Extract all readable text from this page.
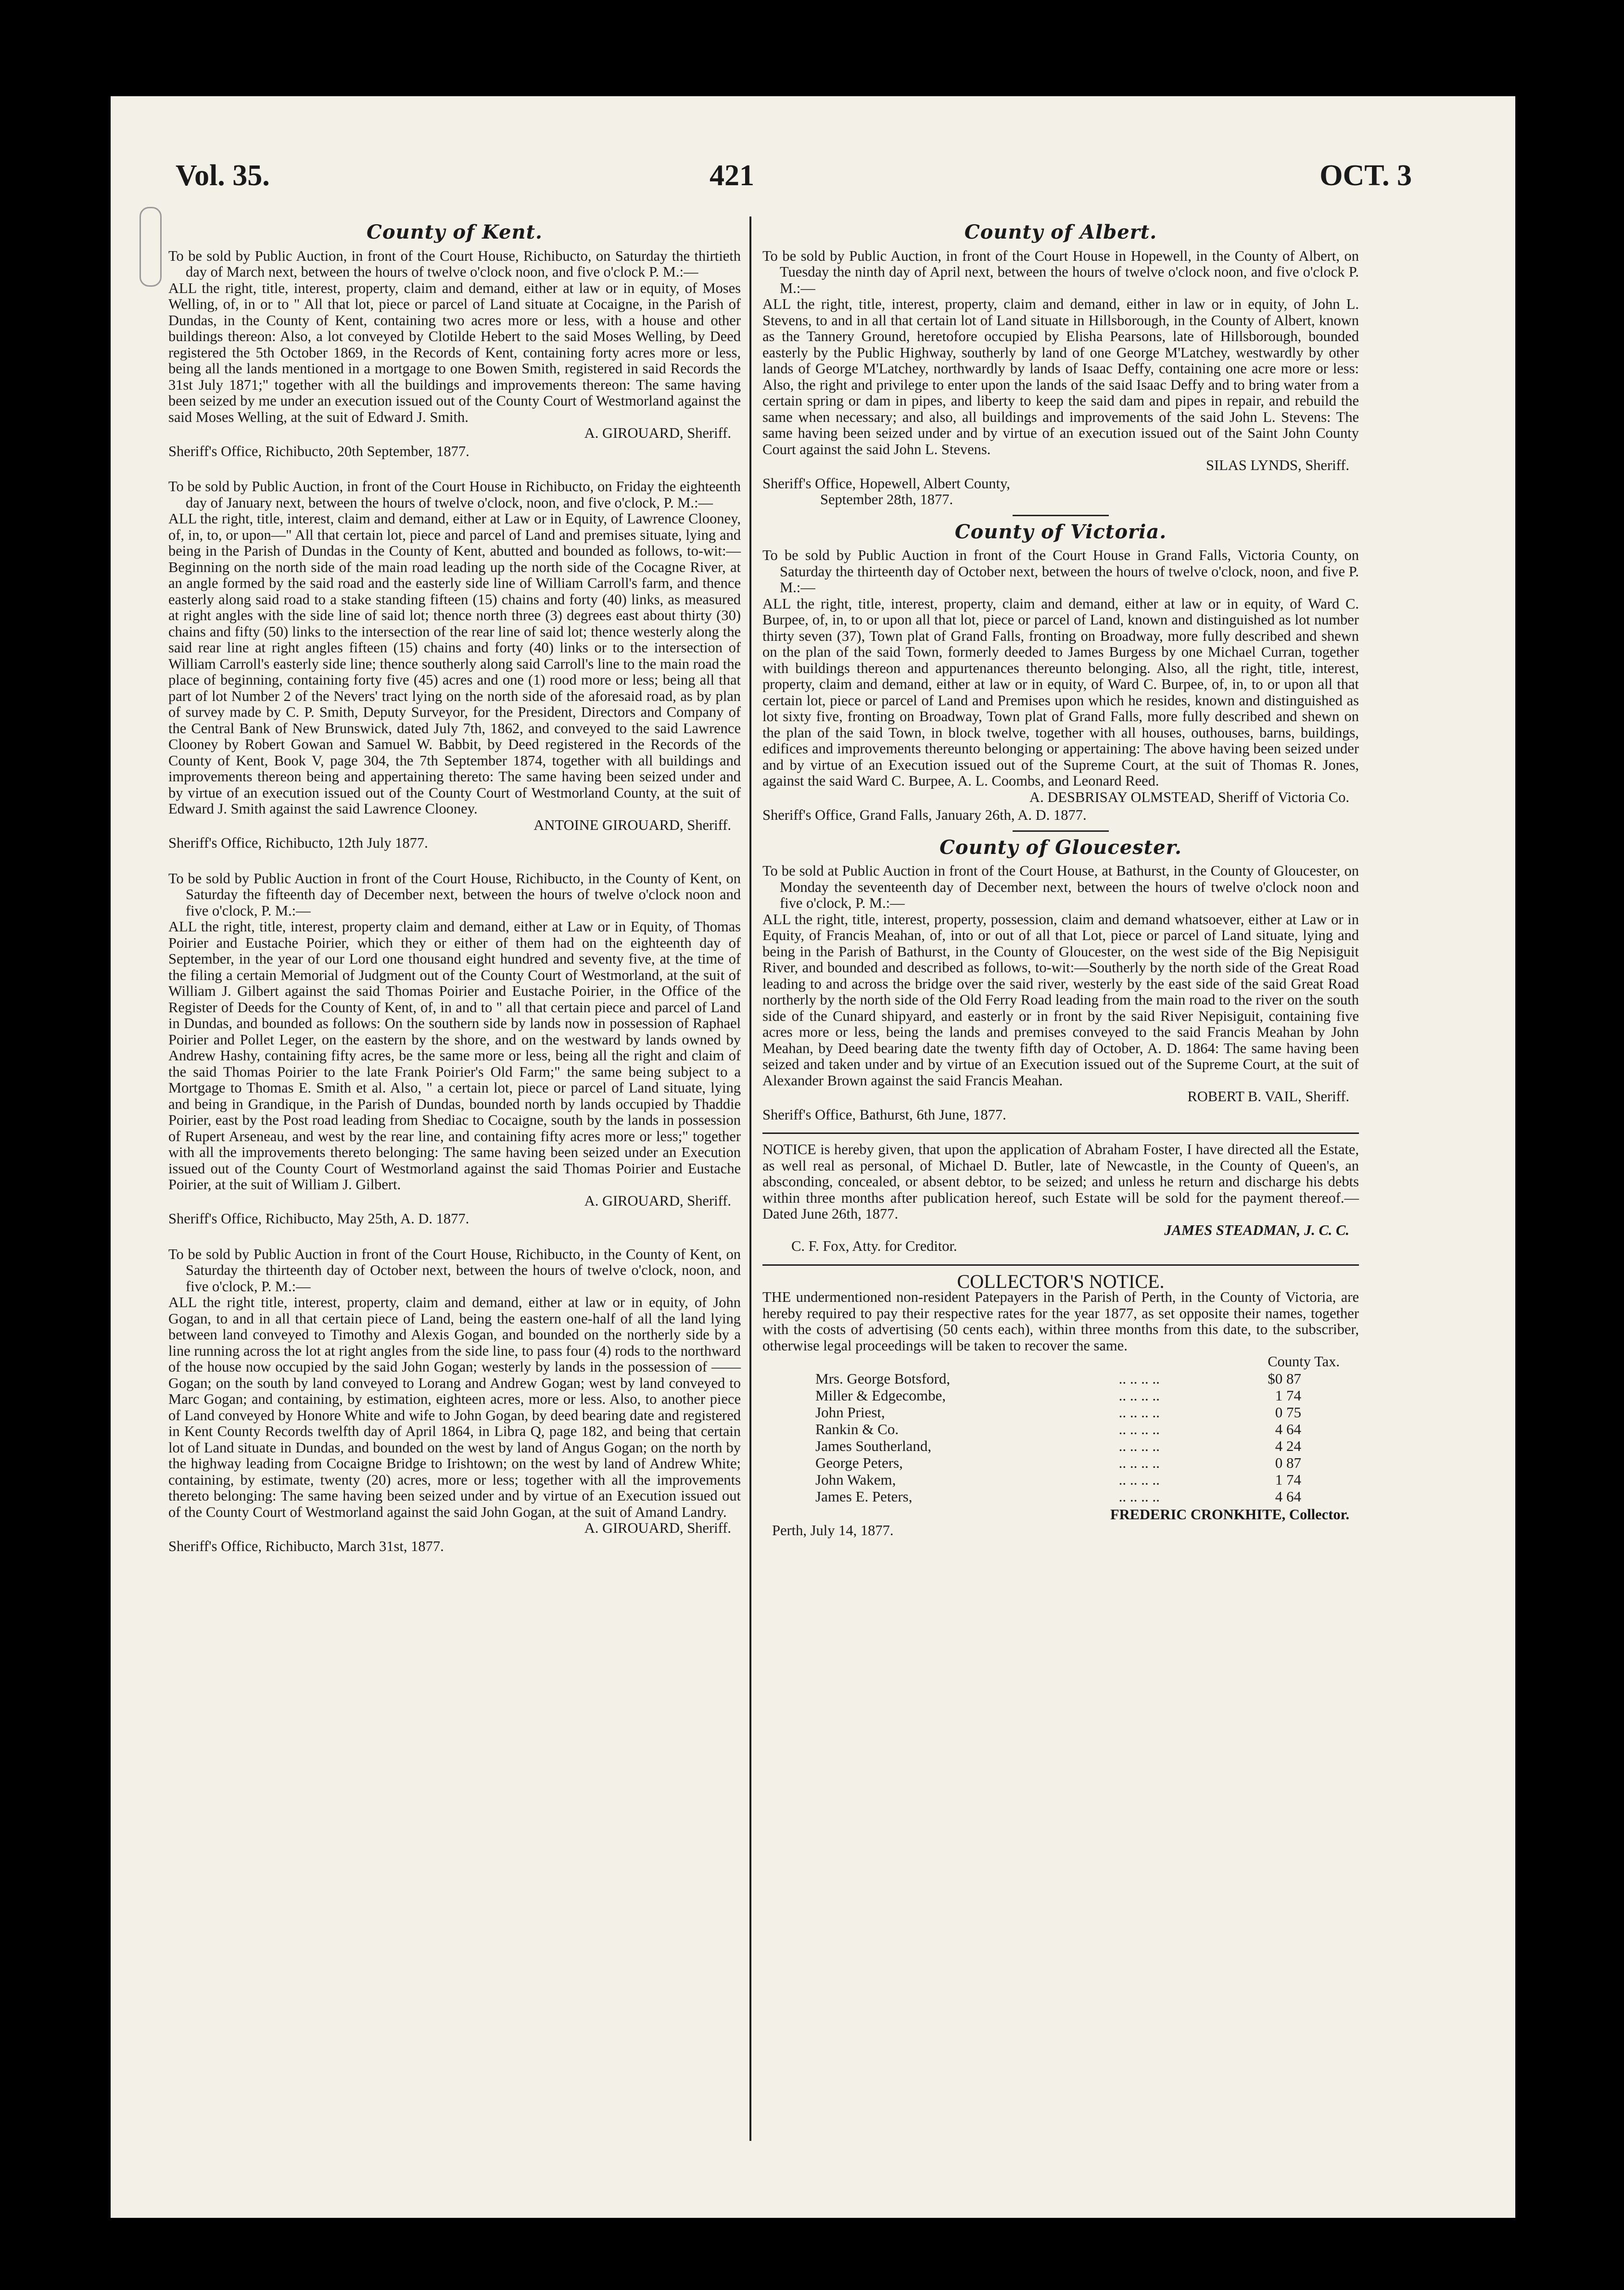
Vol. 35.	421	OCT. 3
County of Kent.

To be sold by Public Auction, in front of the Court House, Richibucto, on Saturday the thirtieth day of March next, between the hours of twelve o'clock noon, and five o'clock P. M.:—

ALL the right, title, interest, property, claim and demand, either at law or in equity, of Moses Welling, of, in or to " All that lot, piece or parcel of Land situate at Cocaigne, in the Parish of Dundas, in the County of Kent, containing two acres more or less, with a house and other buildings thereon: Also, a lot conveyed by Clotilde Hebert to the said Moses Welling, by Deed registered the 5th October 1869, in the Records of Kent, containing forty acres more or less, being all the lands mentioned in a mortgage to one Bowen Smith, registered in said Records the 31st July 1871;" together with all the buildings and improvements thereon: The same having been seized by me under an execution issued out of the County Court of Westmorland against the said Moses Welling, at the suit of Edward J. Smith.

A. GIROUARD, Sheriff.

Sheriff's Office, Richibucto, 20th September, 1877.

To be sold by Public Auction, in front of the Court House in Richibucto, on Friday the eighteenth day of January next, between the hours of twelve o'clock, noon, and five o'clock, P. M.:—

ALL the right, title, interest, claim and demand, either at Law or in Equity, of Lawrence Clooney, of, in, to, or upon—" All that certain lot, piece and parcel of Land and premises situate, lying and being in the Parish of Dundas in the County of Kent, abutted and bounded as follows, to-wit:—Beginning on the north side of the main road leading up the north side of the Cocagne River, at an angle formed by the said road and the easterly side line of William Carroll's farm, and thence easterly along said road to a stake standing fifteen (15) chains and forty (40) links, as measured at right angles with the side line of said lot; thence north three (3) degrees east about thirty (30) chains and fifty (50) links to the intersection of the rear line of said lot; thence westerly along the said rear line at right angles fifteen (15) chains and forty (40) links or to the intersection of William Carroll's easterly side line; thence southerly along said Carroll's line to the main road the place of beginning, containing forty five (45) acres and one (1) rood more or less; being all that part of lot Number 2 of the Nevers' tract lying on the north side of the aforesaid road, as by plan of survey made by C. P. Smith, Deputy Surveyor, for the President, Directors and Company of the Central Bank of New Brunswick, dated July 7th, 1862, and conveyed to the said Lawrence Clooney by Robert Gowan and Samuel W. Babbit, by Deed registered in the Records of the County of Kent, Book V, page 304, the 7th September 1874, together with all buildings and improvements thereon being and appertaining thereto: The same having been seized under and by virtue of an execution issued out of the County Court of Westmorland County, at the suit of Edward J. Smith against the said Lawrence Clooney.

ANTOINE GIROUARD, Sheriff.

Sheriff's Office, Richibucto, 12th July 1877.

To be sold by Public Auction in front of the Court House, Richibucto, in the County of Kent, on Saturday the fifteenth day of December next, between the hours of twelve o'clock noon and five o'clock, P. M.:—

ALL the right, title, interest, property claim and demand, either at Law or in Equity, of Thomas Poirier and Eustache Poirier, which they or either of them had on the eighteenth day of September, in the year of our Lord one thousand eight hundred and seventy five, at the time of the filing a certain Memorial of Judgment out of the County Court of Westmorland, at the suit of William J. Gilbert against the said Thomas Poirier and Eustache Poirier, in the Office of the Register of Deeds for the County of Kent, of, in and to " all that certain piece and parcel of Land in Dundas, and bounded as follows: On the southern side by lands now in possession of Raphael Poirier and Pollet Leger, on the eastern by the shore, and on the westward by lands owned by Andrew Hashy, containing fifty acres, be the same more or less, being all the right and claim of the said Thomas Poirier to the late Frank Poirier's Old Farm;" the same being subject to a Mortgage to Thomas E. Smith et al. Also, " a certain lot, piece or parcel of Land situate, lying and being in Grandique, in the Parish of Dundas, bounded north by lands occupied by Thaddie Poirier, east by the Post road leading from Shediac to Cocaigne, south by the lands in possession of Rupert Arseneau, and west by the rear line, and containing fifty acres more or less;" together with all the improvements thereto belonging: The same having been seized under an Execution issued out of the County Court of Westmorland against the said Thomas Poirier and Eustache Poirier, at the suit of William J. Gilbert.

A. GIROUARD, Sheriff.

Sheriff's Office, Richibucto, May 25th, A. D. 1877.

To be sold by Public Auction in front of the Court House, Richibucto, in the County of Kent, on Saturday the thirteenth day of October next, between the hours of twelve o'clock, noon, and five o'clock, P. M.:—

ALL the right title, interest, property, claim and demand, either at law or in equity, of John Gogan, to and in all that certain piece of Land, being the eastern one-half of all the land lying between land conveyed to Timothy and Alexis Gogan, and bounded on the northerly side by a line running across the lot at right angles from the side line, to pass four (4) rods to the northward of the house now occupied by the said John Gogan; westerly by lands in the possession of —— Gogan; on the south by land conveyed to Lorang and Andrew Gogan; west by land conveyed to Marc Gogan; and containing, by estimation, eighteen acres, more or less. Also, to another piece of Land conveyed by Honore White and wife to John Gogan, by deed bearing date and registered in Kent County Records twelfth day of April 1864, in Libra Q, page 182, and being that certain lot of Land situate in Dundas, and bounded on the west by land of Angus Gogan; on the north by the highway leading from Cocaigne Bridge to Irishtown; on the west by land of Andrew White; containing, by estimate, twenty (20) acres, more or less; together with all the improvements thereto belonging: The same having been seized under and by virtue of an Execution issued out of the County Court of Westmorland against the said John Gogan, at the suit of Amand Landry.

A. GIROUARD, Sheriff.

Sheriff's Office, Richibucto, March 31st, 1877.

County of Albert.

To be sold by Public Auction, in front of the Court House in Hopewell, in the County of Albert, on Tuesday the ninth day of April next, between the hours of twelve o'clock noon, and five o'clock P. M.:—

ALL the right, title, interest, property, claim and demand, either in law or in equity, of John L. Stevens, to and in all that certain lot of Land situate in Hillsborough, in the County of Albert, known as the Tannery Ground, heretofore occupied by Elisha Pearsons, late of Hillsborough, bounded easterly by the Public Highway, southerly by land of one George M'Latchey, westwardly by other lands of George M'Latchey, northwardly by lands of Isaac Deffy, containing one acre more or less: Also, the right and privilege to enter upon the lands of the said Isaac Deffy and to bring water from a certain spring or dam in pipes, and liberty to keep the said dam and pipes in repair, and rebuild the same when necessary; and also, all buildings and improvements of the said John L. Stevens: The same having been seized under and by virtue of an execution issued out of the Saint John County Court against the said John L. Stevens.

SILAS LYNDS, Sheriff.

Sheriff's Office, Hopewell, Albert County,

September 28th, 1877.

County of Victoria.

To be sold by Public Auction in front of the Court House in Grand Falls, Victoria County, on Saturday the thirteenth day of October next, between the hours of twelve o'clock, noon, and five P. M.:—

ALL the right, title, interest, property, claim and demand, either at law or in equity, of Ward C. Burpee, of, in, to or upon all that lot, piece or parcel of Land, known and distinguished as lot number thirty seven (37), Town plat of Grand Falls, fronting on Broadway, more fully described and shewn on the plan of the said Town, formerly deeded to James Burgess by one Michael Curran, together with buildings thereon and appurtenances thereunto belonging. Also, all the right, title, interest, property, claim and demand, either at law or in equity, of Ward C. Burpee, of, in, to or upon all that certain lot, piece or parcel of Land and Premises upon which he resides, known and distinguished as lot sixty five, fronting on Broadway, Town plat of Grand Falls, more fully described and shewn on the plan of the said Town, in block twelve, together with all houses, outhouses, barns, buildings, edifices and improvements thereunto belonging or appertaining: The above having been seized under and by virtue of an Execution issued out of the Supreme Court, at the suit of Thomas R. Jones, against the said Ward C. Burpee, A. L. Coombs, and Leonard Reed.

A. DESBRISAY OLMSTEAD, Sheriff of Victoria Co.

Sheriff's Office, Grand Falls, January 26th, A. D. 1877.

County of Gloucester.

To be sold at Public Auction in front of the Court House, at Bathurst, in the County of Gloucester, on Monday the seventeenth day of December next, between the hours of twelve o'clock noon and five o'clock, P. M.:—

ALL the right, title, interest, property, possession, claim and demand whatsoever, either at Law or in Equity, of Francis Meahan, of, into or out of all that Lot, piece or parcel of Land situate, lying and being in the Parish of Bathurst, in the County of Gloucester, on the west side of the Big Nepisiguit River, and bounded and described as follows, to-wit:—Southerly by the north side of the Great Road leading to and across the bridge over the said river, westerly by the east side of the said Great Road northerly by the north side of the Old Ferry Road leading from the main road to the river on the south side of the Cunard shipyard, and easterly or in front by the said River Nepisiguit, containing five acres more or less, being the lands and premises conveyed to the said Francis Meahan by John Meahan, by Deed bearing date the twenty fifth day of October, A. D. 1864: The same having been seized and taken under and by virtue of an Execution issued out of the Supreme Court, at the suit of Alexander Brown against the said Francis Meahan.

ROBERT B. VAIL, Sheriff.

Sheriff's Office, Bathurst, 6th June, 1877.

NOTICE is hereby given, that upon the application of Abraham Foster, I have directed all the Estate, as well real as personal, of Michael D. Butler, late of Newcastle, in the County of Queen's, an absconding, concealed, or absent debtor, to be seized; and unless he return and discharge his debts within three months after publication hereof, such Estate will be sold for the payment thereof.—Dated June 26th, 1877.

JAMES STEADMAN, J. C. C.

C. F. Fox, Atty. for Creditor.

COLLECTOR'S NOTICE.

THE undermentioned non-resident Patepayers in the Parish of Perth, in the County of Victoria, are hereby required to pay their respective rates for the year 1877, as set opposite their names, together with the costs of advertising (50 cents each), within three months from this date, to the subscriber, otherwise legal proceedings will be taken to recover the same.

County Tax.

Mrs. George Botsford,	.. .. .. ..	$0 87
Miller & Edgecombe,	.. .. .. ..	1 74
John Priest,	.. .. .. ..	0 75
Rankin & Co.	.. .. .. ..	4 64
James Southerland,	.. .. .. ..	4 24
George Peters,	.. .. .. ..	0 87
John Wakem,	.. .. .. ..	1 74
James E. Peters,	.. .. .. ..	4 64

FREDERIC CRONKHITE, Collector.

Perth, July 14, 1877.
